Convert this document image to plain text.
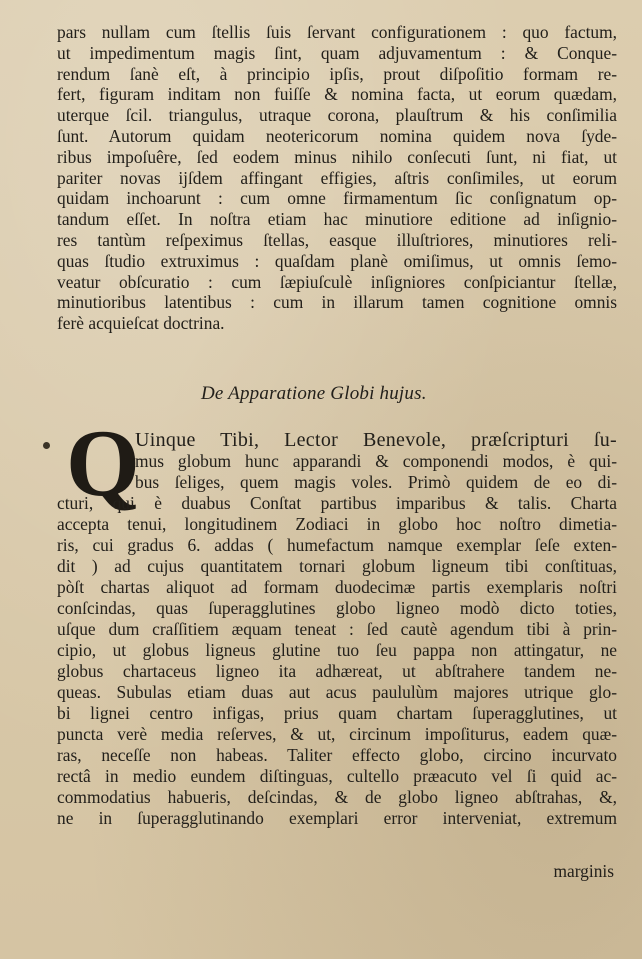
pars nullam cum ſtellis ſuis ſervant configurationem : quo factum,
ut impedimentum magis ſint, quam adjuvamentum : & Conque-
rendum ſanè eſt, à principio ipſis, prout diſpoſitio formam re-
fert, figuram inditam non fuiſſe & nomina facta, ut eorum quædam,
uterque ſcil. triangulus, utraque corona, plauſtrum & his conſimilia
ſunt. Autorum quidam neotericorum nomina quidem nova ſyde-
ribus impoſuêre, ſed eodem minus nihilo conſecuti ſunt, ni fiat, ut
pariter novas ijſdem affingant effigies, aſtris conſimiles, ut eorum
quidam inchoarunt : cum omne firmamentum ſic conſignatum op-
tandum eſſet. In noſtra etiam hac minutiore editione ad inſignio-
res tantùm reſpeximus ſtellas, easque illuſtriores, minutiores reli-
quas ſtudio extruximus : quaſdam planè omiſimus, ut omnis ſemo-
veatur obſcuratio : cum ſæpiuſculè inſigniores conſpiciantur ſtellæ,
minutioribus latentibus : cum in illarum tamen cognitione omnis
ferè acquieſcat doctrina.
De Apparatione Globi hujus.
Q
Uinque Tibi, Lector Benevole, præſcripturi ſu-
mus globum hunc apparandi & componendi modos, è qui-
bus ſeliges, quem magis voles. Primò quidem de eo di-
cturi, qui è duabus Conſtat partibus imparibus & talis. Charta
accepta tenui, longitudinem Zodiaci in globo hoc noſtro dimetia-
ris, cui gradus 6. addas ( humefactum namque exemplar ſeſe exten-
dit ) ad cujus quantitatem tornari globum ligneum tibi conſtituas,
pòſt chartas aliquot ad formam duodecimæ partis exemplaris noſtri
conſcindas, quas ſuperagglutines globo ligneo modò dicto toties,
uſque dum craſſitiem æquam teneat : ſed cautè agendum tibi à prin-
cipio, ut globus ligneus glutine tuo ſeu pappa non attingatur, ne
globus chartaceus ligneo ita adhæreat, ut abſtrahere tandem ne-
queas. Subulas etiam duas aut acus paululùm majores utrique glo-
bi lignei centro infigas, prius quam chartam ſuperagglutines, ut
puncta verè media reſerves, & ut, circinum impoſiturus, eadem quæ-
ras, neceſſe non habeas. Taliter effecto globo, circino incurvato
rectâ in medio eundem diſtinguas, cultello præacuto vel ſi quid ac-
commodatius habueris, deſcindas, & de globo ligneo abſtrahas, &,
ne in ſuperagglutinando exemplari error interveniat, extremum
marginis
